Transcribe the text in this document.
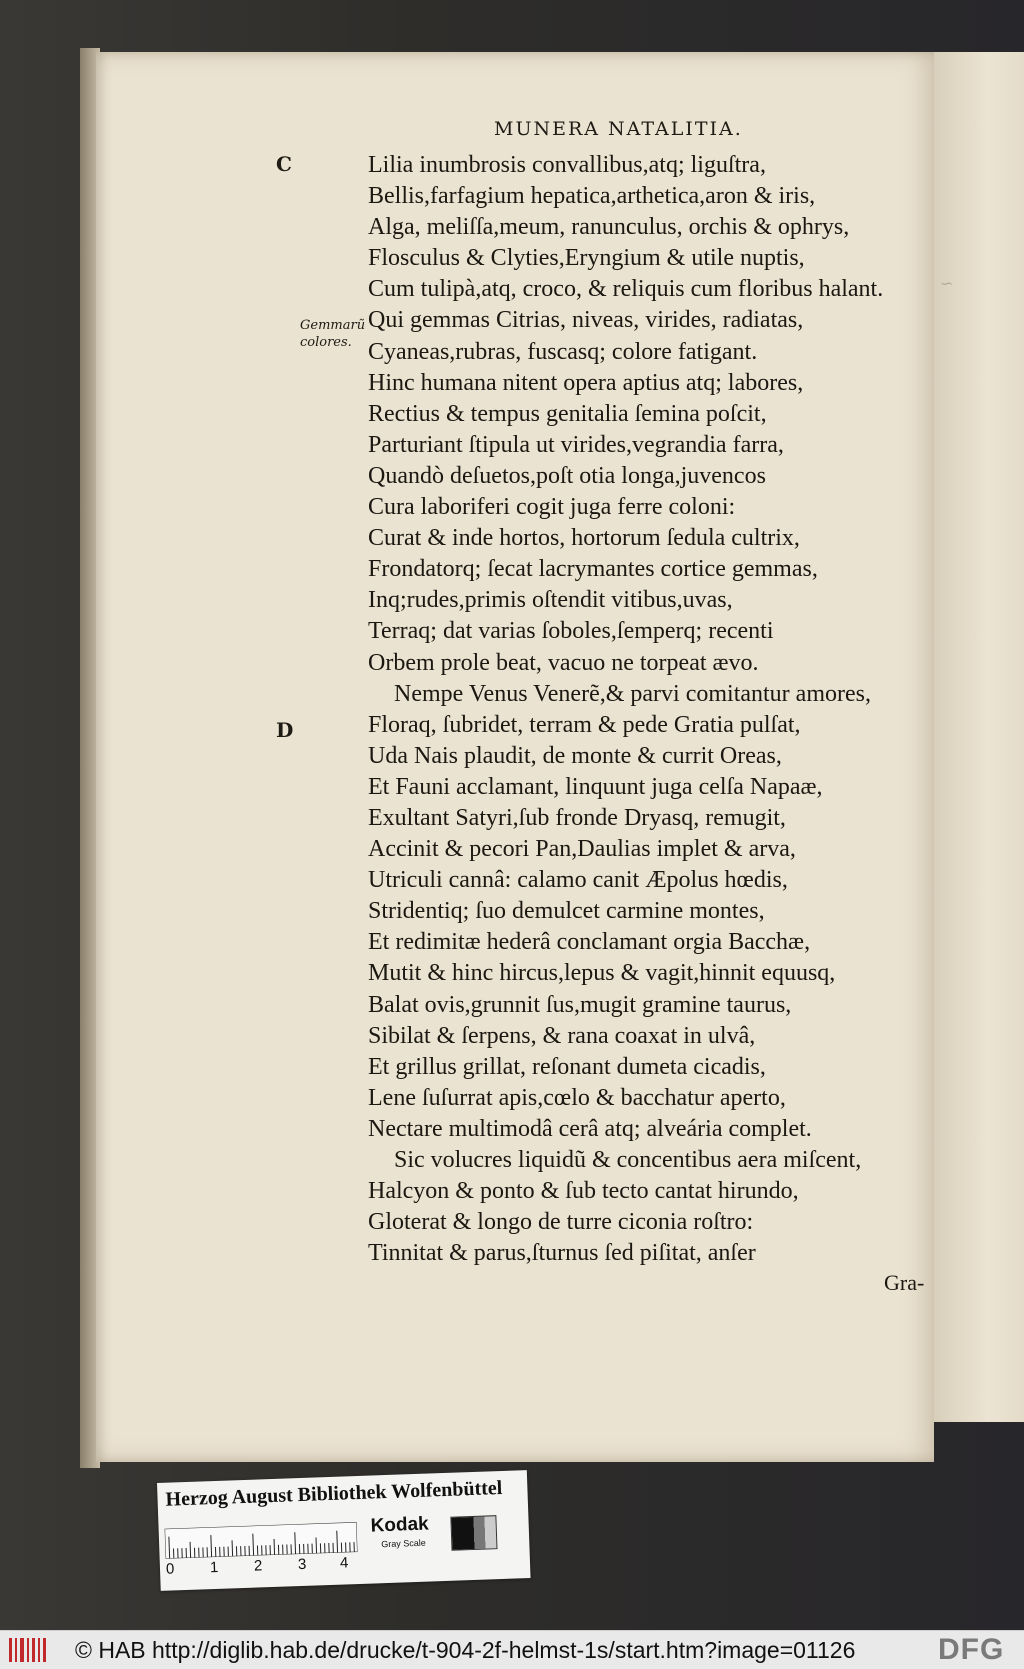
~
MUNERA NATALITIA.
C
D
Gemmarũ
colores.
Lilia inumbrosis convallibus,atq; liguſtra,
Bellis,farfagium hepatica,arthetica,aron & iris,
Alga, meliſſa,meum, ranunculus, orchis & ophrys,
Flosculus & Clyties,Eryngium & utile nuptis,
Cum tulipà,atq, croco, & reliquis cum floribus halant.
Qui gemmas Citrias, niveas, virides, radiatas,
Cyaneas,rubras, fuscasq; colore fatigant.
Hinc humana nitent opera aptius atq; labores,
Rectius & tempus genitalia ſemina poſcit,
Parturiant ſtipula ut virides,vegrandia farra,
Quandò deſuetos,poſt otia longa,juvencos
Cura laboriferi cogit juga ferre coloni:
Curat & inde hortos, hortorum ſedula cultrix,
Frondatorq; ſecat lacrymantes cortice gemmas,
Inq;rudes,primis oſtendit vitibus,uvas,
Terraq; dat varias ſoboles,ſemperq; recenti
Orbem prole beat, vacuo ne torpeat ævo.
Nempe Venus Venerẽ,& parvi comitantur amores,
Floraq, ſubridet, terram & pede Gratia pulſat,
Uda Nais plaudit, de monte & currit Oreas,
Et Fauni acclamant, linquunt juga celſa Napaæ,
Exultant Satyri,ſub fronde Dryasq, remugit,
Accinit & pecori Pan,Daulias implet & arva,
Utriculi cannâ: calamo canit Æpolus hœdis,
Stridentiq; ſuo demulcet carmine montes,
Et redimitæ hederâ conclamant orgia Bacchæ,
Mutit & hinc hircus,lepus & vagit,hinnit equusq,
Balat ovis,grunnit ſus,mugit gramine taurus,
Sibilat & ſerpens, & rana coaxat in ulvâ,
Et grillus grillat, reſonant dumeta cicadis,
Lene ſuſurrat apis,cœlo & bacchatur aperto,
Nectare multimodâ cerâ atq; alveária complet.
Sic volucres liquidũ & concentibus aera miſcent,
Halcyon & ponto & ſub tecto cantat hirundo,
Gloterat & longo de turre ciconia roſtro:
Tinnitat & parus,ſturnus ſed piſitat, anſer
Gra-
Herzog August Bibliothek Wolfenbüttel
0 1 2 3 4
Kodak
Gray Scale
© HAB http://diglib.hab.de/drucke/t-904-2f-helmst-1s/start.htm?image=01126	DFG
